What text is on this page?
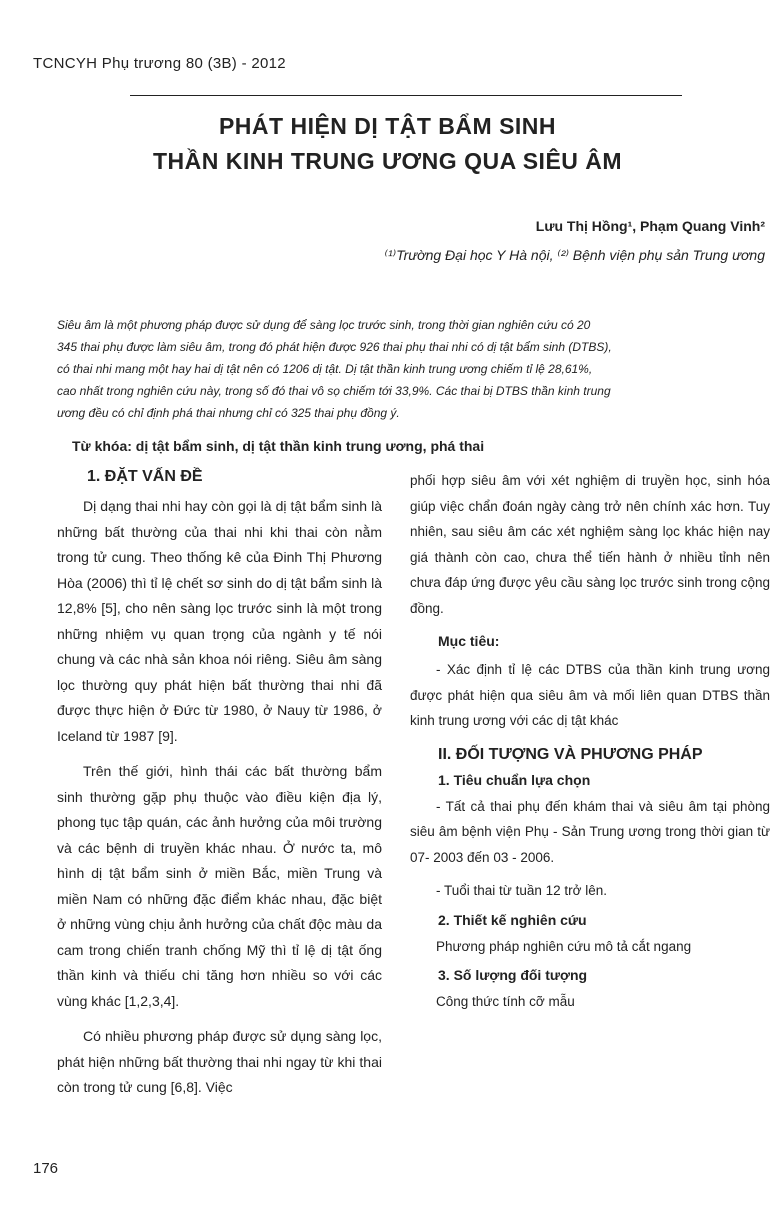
TCNCYH Phụ trương 80 (3B) - 2012
PHÁT HIỆN DỊ TẬT BẨM SINH
THẦN KINH TRUNG ƯƠNG QUA SIÊU ÂM
Lưu Thị Hồng¹, Phạm Quang Vinh²
⁽¹⁾Trường Đại học Y Hà nội, ⁽²⁾ Bệnh viện phụ sản Trung ương
Siêu âm là một phương pháp được sử dụng để sàng lọc trước sinh, trong thời gian nghiên cứu có 20
345 thai phụ được làm siêu âm, trong đó phát hiện được 926 thai phụ thai nhi có dị tật bẩm sinh (DTBS),
có thai nhi mang một hay hai dị tật nên có 1206 dị tật. Dị tật thần kinh trung ương chiếm tỉ lệ 28,61%,
cao nhất trong nghiên cứu này, trong số đó thai vô sọ chiếm tới 33,9%. Các thai bị DTBS thần kinh trung
ương đều có chỉ định phá thai nhưng chỉ có 325 thai phụ đồng ý.
Từ khóa: dị tật bẩm sinh, dị tật thần kinh trung ương, phá thai
1. ĐẶT VẤN ĐỀ

Dị dạng thai nhi hay còn gọi là dị tật bẩm sinh là những bất thường của thai nhi khi thai còn nằm trong tử cung. Theo thống kê của Đinh Thị Phương Hòa (2006) thì tỉ lệ chết sơ sinh do dị tật bẩm sinh là 12,8% [5], cho nên sàng lọc trước sinh là một trong những nhiệm vụ quan trọng của ngành y tế nói chung và các nhà sản khoa nói riêng. Siêu âm sàng lọc thường quy phát hiện bất thường thai nhi đã được thực hiện ở Đức từ 1980, ở Nauy từ 1986, ở Iceland từ 1987 [9].

Trên thế giới, hình thái các bất thường bẩm sinh thường gặp phụ thuộc vào điều kiện địa lý, phong tục tập quán, các ảnh hưởng của môi trường và các bệnh di truyền khác nhau. Ở nước ta, mô hình dị tật bẩm sinh ở miền Bắc, miền Trung và miền Nam có những đặc điểm khác nhau, đặc biệt ở những vùng chịu ảnh hưởng của chất độc màu da cam trong chiến tranh chống Mỹ thì tỉ lệ dị tật ống thần kinh và thiếu chi tăng hơn nhiều so với các vùng khác [1,2,3,4].

Có nhiều phương pháp được sử dụng sàng lọc, phát hiện những bất thường thai nhi ngay từ khi thai còn trong tử cung [6,8]. Việc

phối hợp siêu âm với xét nghiệm di truyền học, sinh hóa giúp việc chẩn đoán ngày càng trở nên chính xác hơn. Tuy nhiên, sau siêu âm các xét nghiệm sàng lọc khác hiện nay giá thành còn cao, chưa thể tiến hành ở nhiều tỉnh nên chưa đáp ứng được yêu cầu sàng lọc trước sinh trong cộng đồng.

Mục tiêu:

- Xác định tỉ lệ các DTBS của thần kinh trung ương được phát hiện qua siêu âm và mối liên quan DTBS thần kinh trung ương với các dị tật khác

II. ĐỐI TƯỢNG VÀ PHƯƠNG PHÁP
1. Tiêu chuẩn lựa chọn

- Tất cả thai phụ đến khám thai và siêu âm tại phòng siêu âm bệnh viện Phụ - Sản Trung ương trong thời gian từ 07- 2003 đến 03 - 2006.

- Tuổi thai từ tuần 12 trở lên.

2. Thiết kế nghiên cứu

Phương pháp nghiên cứu mô tả cắt ngang

3. Số lượng đối tượng

Công thức tính cỡ mẫu

176
